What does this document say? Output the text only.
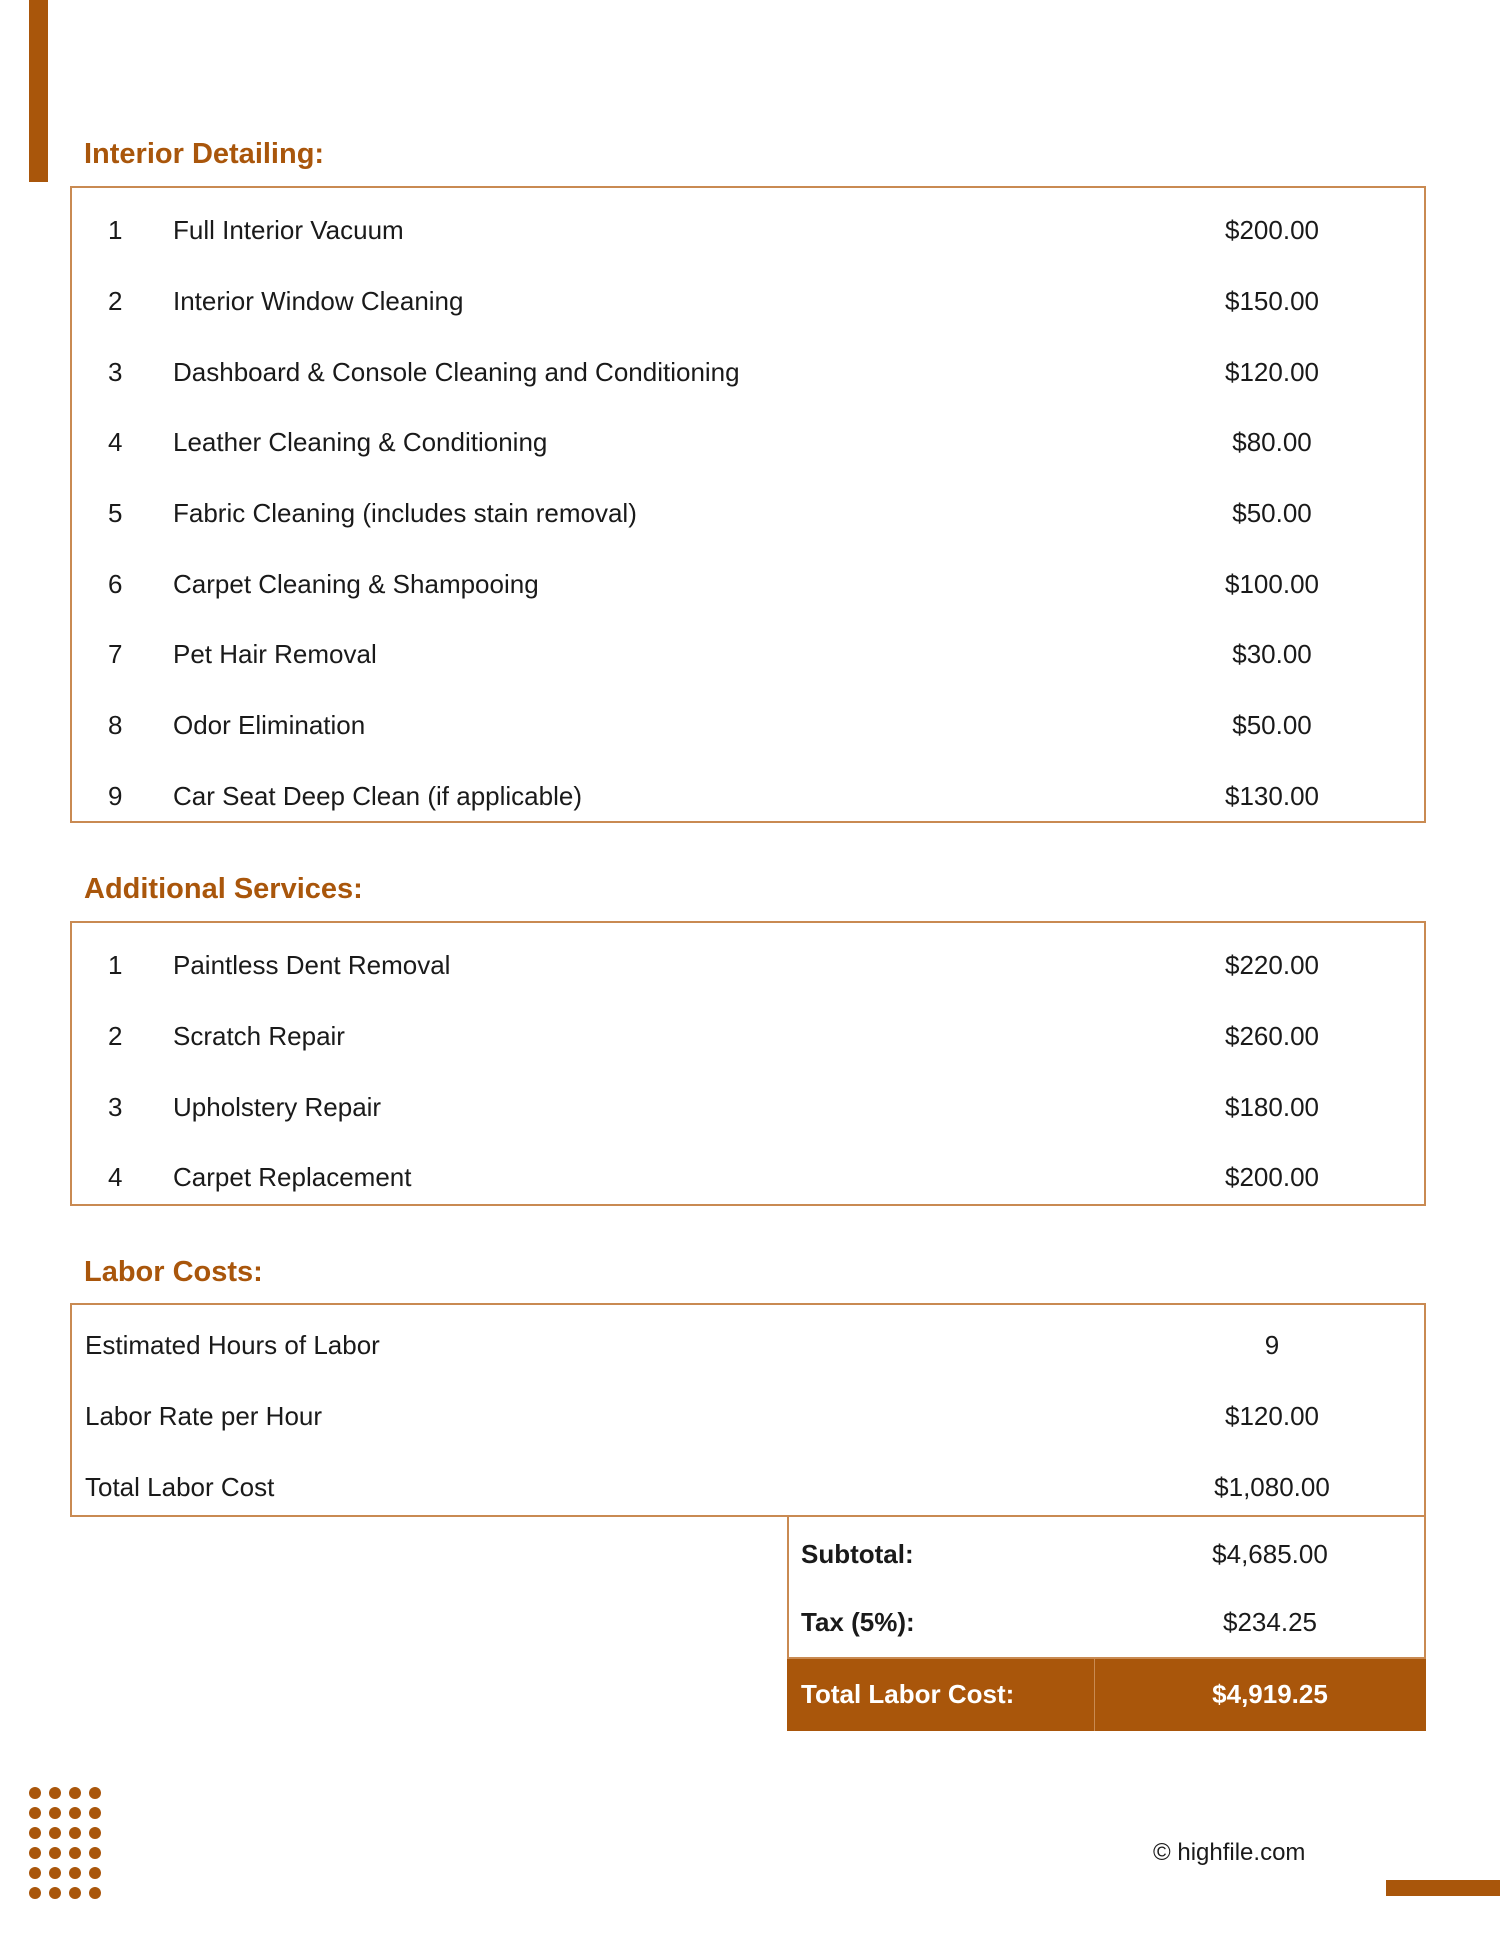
Interior Detailing:
1 Full Interior Vacuum	$200.00
2 Interior Window Cleaning	$150.00
3 Dashboard & Console Cleaning and Conditioning	$120.00
4 Leather Cleaning & Conditioning	$80.00
5 Fabric Cleaning (includes stain removal)	$50.00
6 Carpet Cleaning & Shampooing	$100.00
7 Pet Hair Removal	$30.00
8 Odor Elimination	$50.00
9 Car Seat Deep Clean (if applicable)	$130.00
Additional Services:
1 Paintless Dent Removal	$220.00
2 Scratch Repair	$260.00
3 Upholstery Repair	$180.00
4 Carpet Replacement	$200.00
Labor Costs:
Estimated Hours of Labor	9
Labor Rate per Hour	$120.00
Total Labor Cost	$1,080.00
Subtotal:	$4,685.00
Tax (5%):	$234.25
Total Labor Cost:	$4,919.25
© highfile.com
